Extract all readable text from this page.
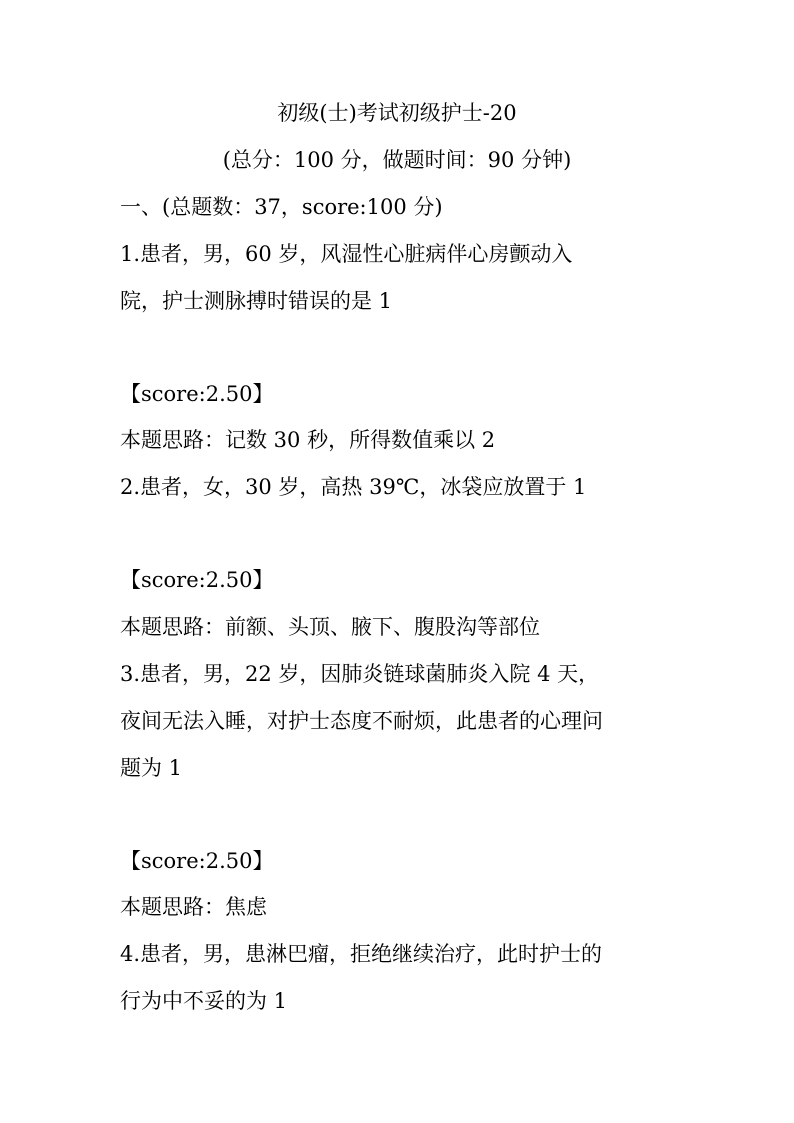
初级(士)考试初级护士-20
(总分：100 分，做题时间：90 分钟)
一、(总题数：37，score:100 分)
1.患者，男，60 岁，风湿性心脏病伴心房颤动入
院，护士测脉搏时错误的是 1
【score:2.50】
本题思路：记数 30 秒，所得数值乘以 2
2.患者，女，30 岁，高热 39℃，冰袋应放置于 1
【score:2.50】
本题思路：前额、头顶、腋下、腹股沟等部位
3.患者，男，22 岁，因肺炎链球菌肺炎入院 4 天，
夜间无法入睡，对护士态度不耐烦，此患者的心理问
题为 1
【score:2.50】
本题思路：焦虑
4.患者，男，患淋巴瘤，拒绝继续治疗，此时护士的
行为中不妥的为 1
